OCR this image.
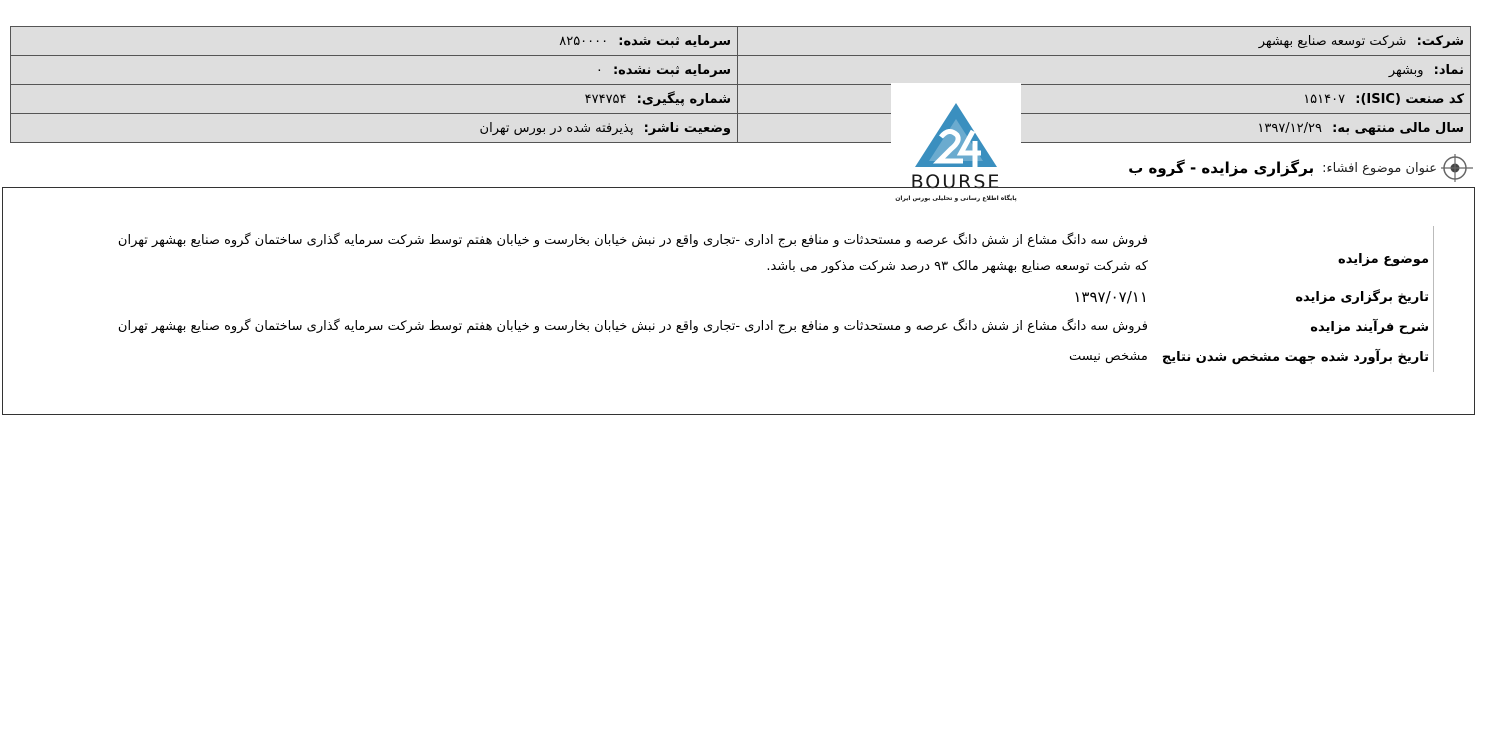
شرکت: شرکت توسعه صنایع بهشهر	سرمایه ثبت شده: ۸۲۵۰۰۰۰
نماد: وبشهر	سرمایه ثبت نشده: ۰
کد صنعت (ISIC): ۱۵۱۴۰۷	شماره پیگیری: ۴۷۴۷۵۴
سال مالی منتهی به: ۱۳۹۷/۱۲/۲۹	وضعیت ناشر: پذیرفته شده در بورس تهران
BOURSE
پایگاه اطلاع رسانی و تحلیلی بورس ایران
عنوان موضوع افشاء:
برگزاری مزایده - گروه ب
موضوع مزایده	فروش سه دانگ مشاع از شش دانگ عرصه و مستحدثات و منافع برج اداری -تجاری واقع در نبش خیابان بخارست و خیابان هفتم توسط شرکت سرمایه گذاری ساختمان گروه صنایع بهشهر تهران که شرکت توسعه صنایع بهشهر مالک ۹۳ درصد شرکت مذکور می باشد.
تاریخ برگزاری مزایده	۱۳۹۷/۰۷/۱۱
شرح فرآیند مزایده	فروش سه دانگ مشاع از شش دانگ عرصه و مستحدثات و منافع برج اداری -تجاری واقع در نبش خیابان بخارست و خیابان هفتم توسط شرکت سرمایه گذاری ساختمان گروه صنایع بهشهر تهران
تاریخ برآورد شده جهت مشخص شدن نتایج	مشخص نیست
